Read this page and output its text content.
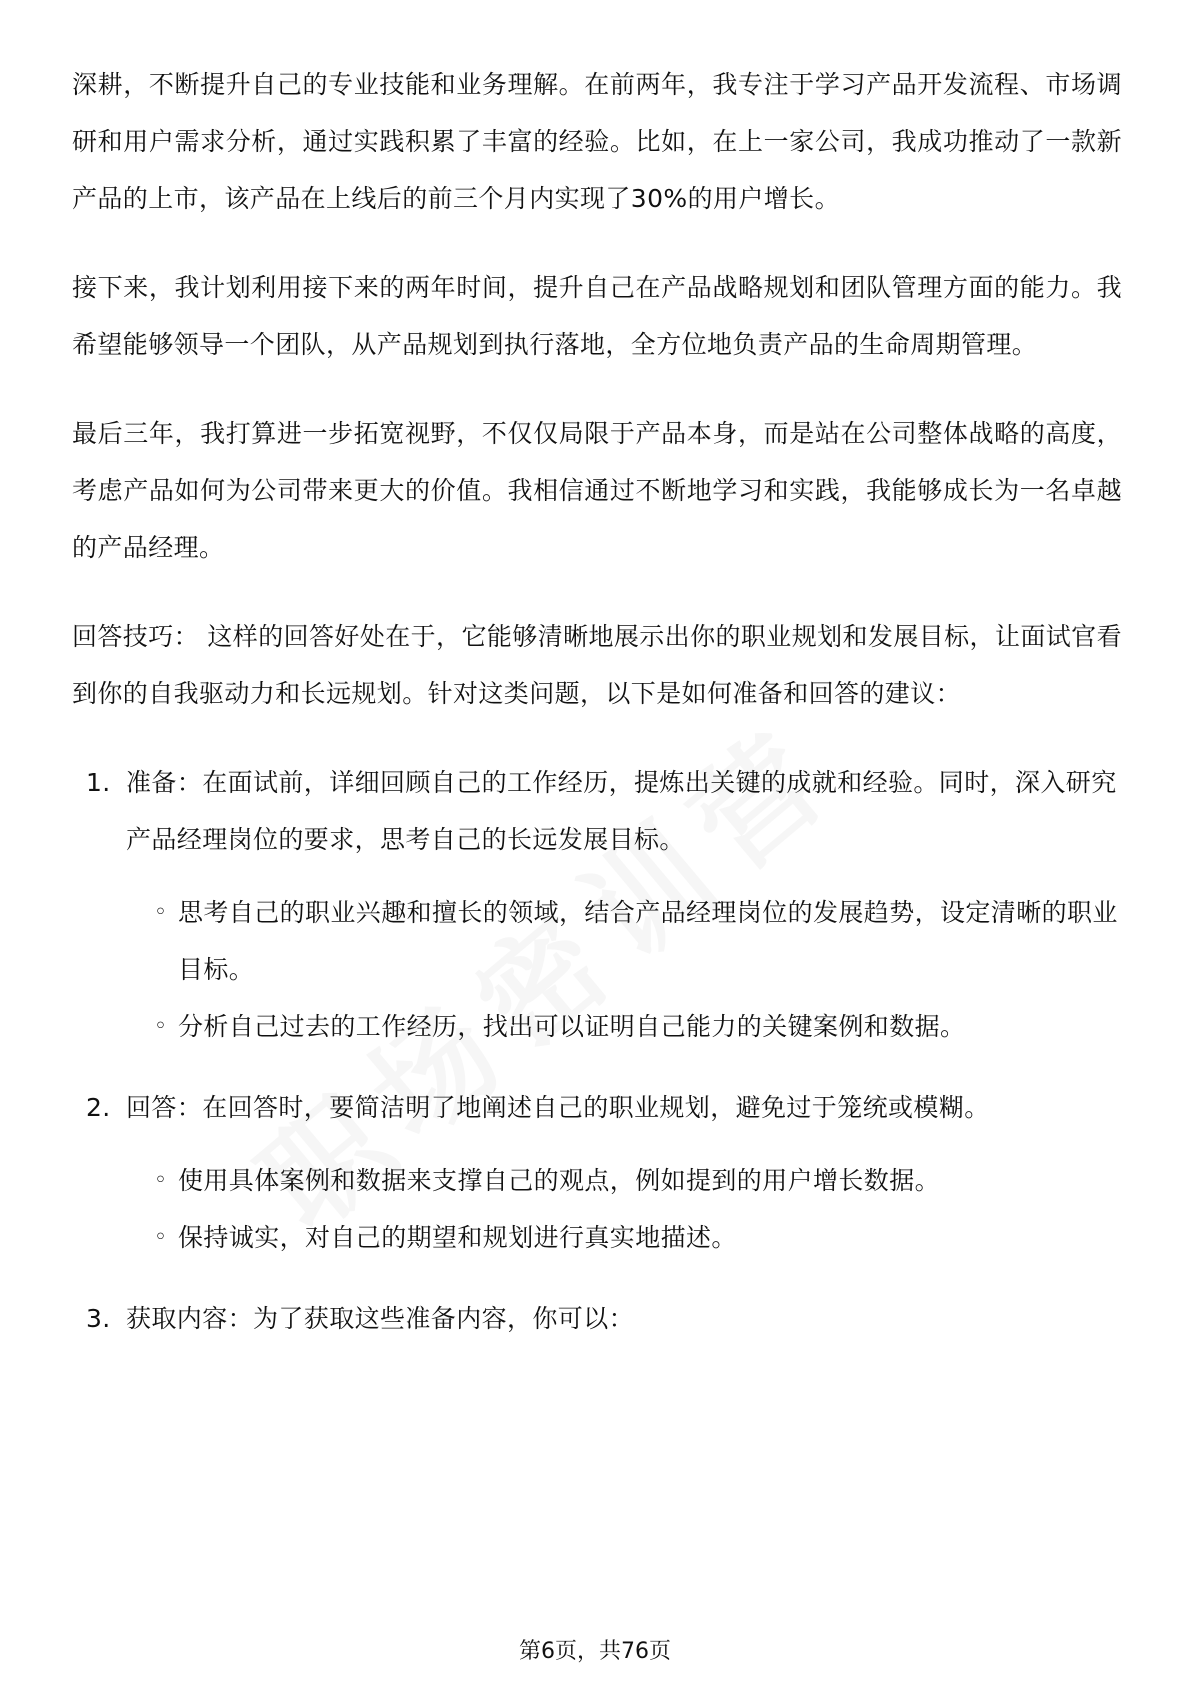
深耕，不断提升自己的专业技能和业务理解。在前两年，我专注于学习产品开发流程、市场调研和用户需求分析，通过实践积累了丰富的经验。比如，在上一家公司，我成功推动了一款新产品的上市，该产品在上线后的前三个月内实现了30%的用户增长。

接下来，我计划利用接下来的两年时间，提升自己在产品战略规划和团队管理方面的能力。我希望能够领导一个团队，从产品规划到执行落地，全方位地负责产品的生命周期管理。

最后三年，我打算进一步拓宽视野，不仅仅局限于产品本身，而是站在公司整体战略的高度，考虑产品如何为公司带来更大的价值。我相信通过不断地学习和实践，我能够成长为一名卓越的产品经理。

回答技巧： 这样的回答好处在于，它能够清晰地展示出你的职业规划和发展目标，让面试官看到你的自我驱动力和长远规划。针对这类问题，以下是如何准备和回答的建议：

1. 准备：在面试前，详细回顾自己的工作经历，提炼出关键的成就和经验。同时，深入研究产品经理岗位的要求，思考自己的长远发展目标。

◦ 思考自己的职业兴趣和擅长的领域，结合产品经理岗位的发展趋势，设定清晰的职业目标。
◦ 分析自己过去的工作经历，找出可以证明自己能力的关键案例和数据。
2. 回答：在回答时，要简洁明了地阐述自己的职业规划，避免过于笼统或模糊。

◦ 使用具体案例和数据来支撑自己的观点，例如提到的用户增长数据。
◦ 保持诚实，对自己的期望和规划进行真实地描述。
3. 获取内容：为了获取这些准备内容，你可以：

第6页，共76页
